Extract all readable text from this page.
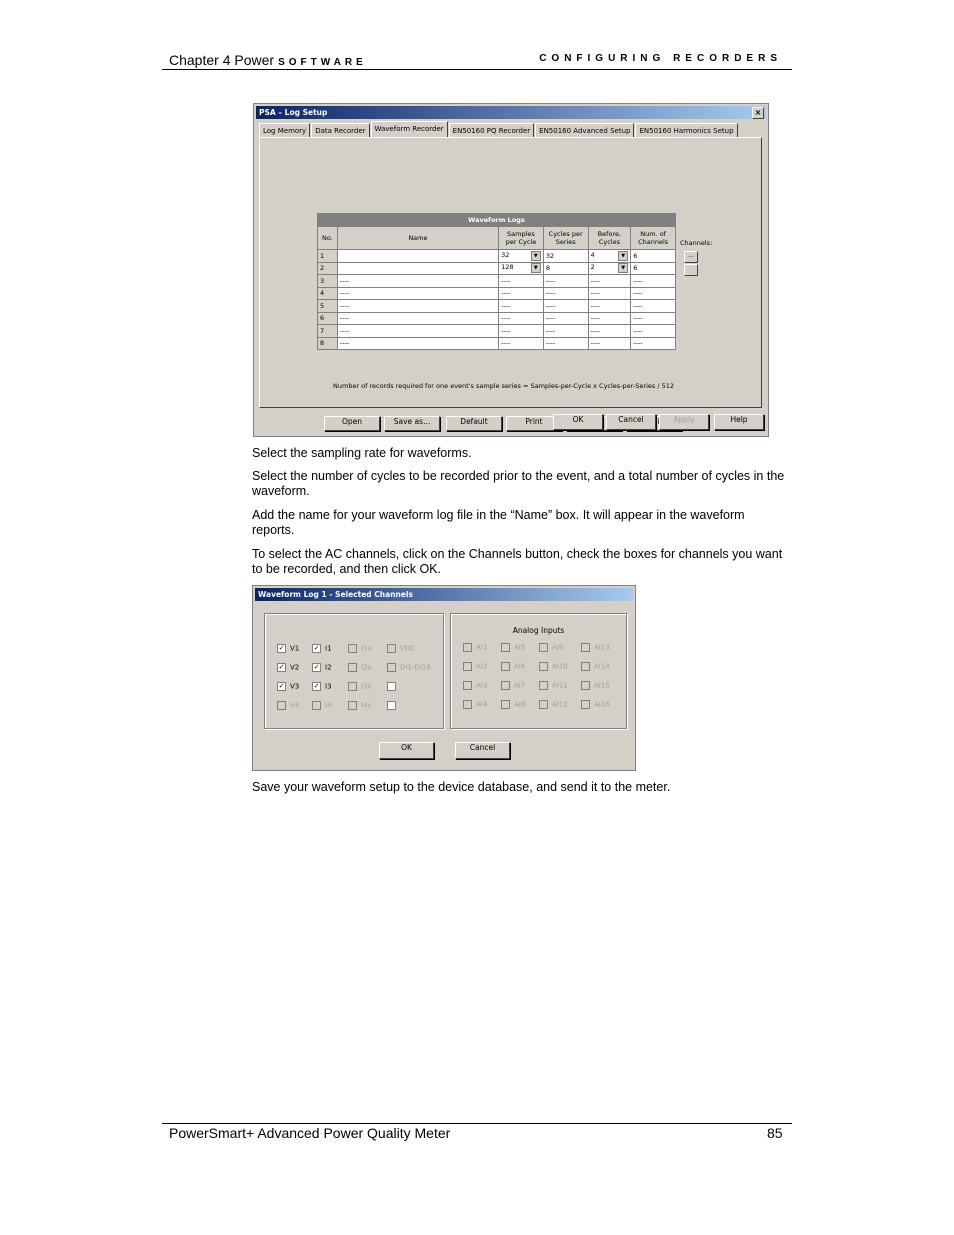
Chapter 4 Power SOFTWARE	CONFIGURING RECORDERS
PSA – Log Setup	×
Log Memory	Data Recorder	Waveform Recorder	EN50160 PQ Recorder	EN50160 Advanced Setup	EN50160 Harmonics Setup
Waveform Logs					
No.	Name	Samples per Cycle	Cycles per Series	Before, Cycles	Num. of Channels
1		32 ▼	32	4 ▼	6
2		128 ▼	8	2 ▼	6
3	----	----	----	----	----
4	----	----	----	----	----
5	----	----	----	----	----
6	----	----	----	----	----
7	----	----	----	----	----
8	----	----	----	----	----
Channels:
...
Number of records required for one event's sample series = Samples-per-Cycle x Cycles-per-Series / 512
Open	Save as...	Default	Print	OK	Cancel	Apply	Help
Select the sampling rate for waveforms.
Select the number of cycles to be recorded prior to the event, and a total number of cycles in the waveform.
Add the name for your waveform log file in the “Name” box. It will appear in the waveform reports.
To select the AC channels, click on the Channels button, check the boxes for channels you want to be recorded, and then click OK.
Waveform Log 1 - Selected Channels
✓ V1
✓ V2
✓ V3
V4
✓ I1
✓ I2
✓ I3
I4
I1x
I2x
I3x
I4x
VDC
DI1-DI16
Analog Inputs
AI1
AI2
AI3
AI4
AI5
AI6
AI7
AI8
AI9
AI10
AI11
AI12
AI13
AI14
AI15
AI16
OK	Cancel
Save your waveform setup to the device database, and send it to the meter.
PowerSmart+ Advanced Power Quality Meter	85
